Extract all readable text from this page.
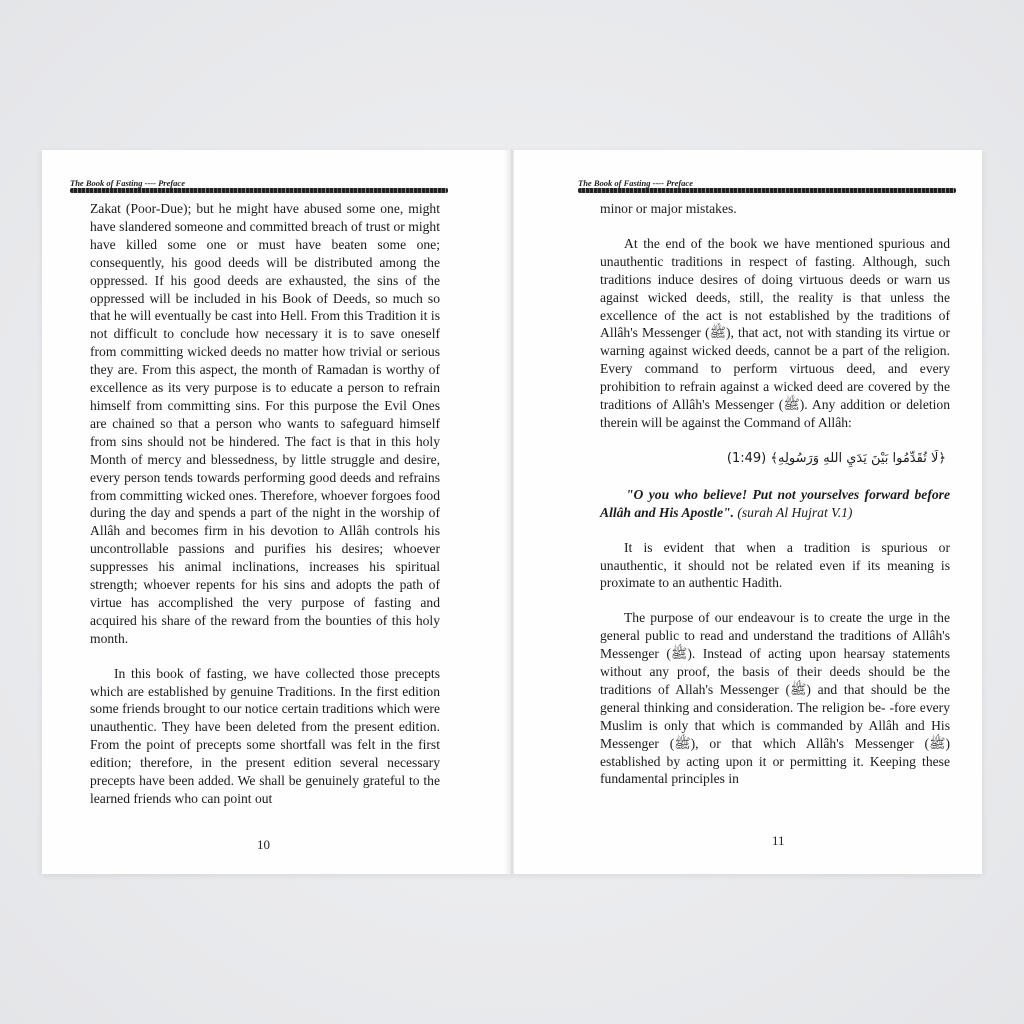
The Book of Fasting ---- Preface

Zakat (Poor-Due); but he might have abused some one, might have slandered someone and committed breach of trust or might have killed some one or must have beaten some one; consequently, his good deeds will be distributed among the oppressed. If his good deeds are exhausted, the sins of the oppressed will be included in his Book of Deeds, so much so that he will eventually be cast into Hell. From this Tradition it is not difficult to conclude how necessary it is to save oneself from committing wicked deeds no matter how trivial or serious they are. From this aspect, the month of Ramadan is worthy of excellence as its very purpose is to educate a person to refrain himself from committing sins. For this purpose the Evil Ones are chained so that a person who wants to safeguard himself from sins should not be hindered. The fact is that in this holy Month of mercy and blessedness, by little struggle and desire, every person tends towards performing good deeds and refrains from committing wicked ones. Therefore, whoever forgoes food during the day and spends a part of the night in the worship of Allâh and becomes firm in his devotion to Allâh controls his uncontrollable passions and purifies his desires; whoever suppresses his animal inclinations, increases his spiritual strength; whoever repents for his sins and adopts the path of virtue has accomplished the very purpose of fasting and acquired his share of the reward from the bounties of this holy month.

In this book of fasting, we have collected those precepts which are established by genuine Traditions. In the first edition some friends brought to our notice certain traditions which were unauthentic. They have been deleted from the present edition. From the point of precepts some shortfall was felt in the first edition; therefore, in the present edition several necessary precepts have been added. We shall be genuinely grateful to the learned friends who can point out

10
The Book of Fasting ---- Preface

minor or major mistakes.

At the end of the book we have mentioned spurious and unauthentic traditions in respect of fasting. Although, such traditions induce desires of doing virtuous deeds or warn us against wicked deeds, still, the reality is that unless the excellence of the act is not established by the traditions of Allâh's Messenger (ﷺ), that act, not with standing its virtue or warning against wicked deeds, cannot be a part of the religion. Every command to perform virtuous deed, and every prohibition to refrain against a wicked deed are covered by the traditions of Allâh's Messenger (ﷺ). Any addition or deletion therein will be against the Command of Allâh:

﴿لَا تُقَدِّمُوا بَيْنَ يَدَيِ اللهِ وَرَسُولِهِ﴾ (1:49)

"O you who believe! Put not yourselves forward before Allâh and His Apostle". (surah Al Hujrat V.1)

It is evident that when a tradition is spurious or unauthentic, it should not be related even if its meaning is proximate to an authentic Hadith.

The purpose of our endeavour is to create the urge in the general public to read and understand the traditions of Allâh's Messenger (ﷺ). Instead of acting upon hearsay statements without any proof, the basis of their deeds should be the traditions of Allah's Messenger (ﷺ) and that should be the general thinking and consideration. The religion be- -fore every Muslim is only that which is commanded by Allâh and His Messenger (ﷺ), or that which Allâh's Messenger (ﷺ) established by acting upon it or permitting it. Keeping these fundamental principles in

11
